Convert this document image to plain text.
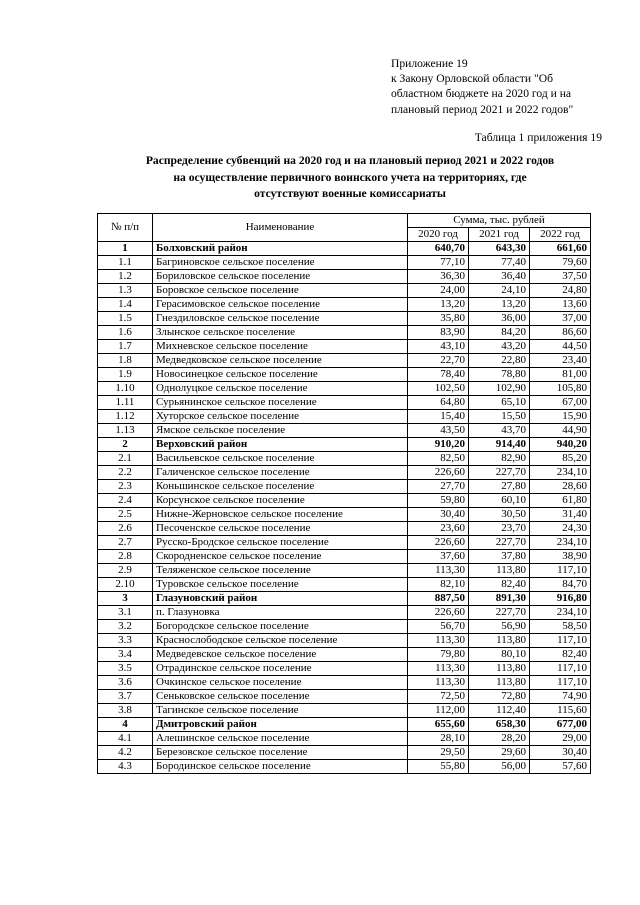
Приложение 19
к Закону Орловской области "Об
областном бюджете на 2020 год и на
плановый период 2021 и 2022 годов"
Таблица 1 приложения 19
Распределение субвенций на 2020 год и на плановый период 2021 и 2022 годов
на осуществление первичного воинского учета на территориях, где
отсутствуют военные комиссариаты
№ п/п	Наименование	Сумма, тыс. рублей		
		2020 год	2021 год	2022 год
1	Болховский район	640,70	643,30	661,60
1.1	Багриновское сельское поселение	77,10	77,40	79,60
1.2	Бориловское сельское поселение	36,30	36,40	37,50
1.3	Боровское сельское поселение	24,00	24,10	24,80
1.4	Герасимовское сельское поселение	13,20	13,20	13,60
1.5	Гнездиловское сельское поселение	35,80	36,00	37,00
1.6	Злынское сельское поселение	83,90	84,20	86,60
1.7	Михневское сельское поселение	43,10	43,20	44,50
1.8	Медведковское сельское поселение	22,70	22,80	23,40
1.9	Новосинецкое сельское поселение	78,40	78,80	81,00
1.10	Однолуцкое сельское поселение	102,50	102,90	105,80
1.11	Сурьянинское сельское поселение	64,80	65,10	67,00
1.12	Хуторское сельское поселение	15,40	15,50	15,90
1.13	Ямское сельское поселение	43,50	43,70	44,90
2	Верховский район	910,20	914,40	940,20
2.1	Васильевское сельское поселение	82,50	82,90	85,20
2.2	Галиченское сельское поселение	226,60	227,70	234,10
2.3	Коньшинское сельское поселение	27,70	27,80	28,60
2.4	Корсунское сельское поселение	59,80	60,10	61,80
2.5	Нижне-Жерновское сельское поселение	30,40	30,50	31,40
2.6	Песоченское сельское поселение	23,60	23,70	24,30
2.7	Русско-Бродское сельское поселение	226,60	227,70	234,10
2.8	Скородненское сельское поселение	37,60	37,80	38,90
2.9	Теляженское сельское поселение	113,30	113,80	117,10
2.10	Туровское сельское поселение	82,10	82,40	84,70
3	Глазуновский район	887,50	891,30	916,80
3.1	п. Глазуновка	226,60	227,70	234,10
3.2	Богородское сельское поселение	56,70	56,90	58,50
3.3	Краснослободское сельское поселение	113,30	113,80	117,10
3.4	Медведевское сельское поселение	79,80	80,10	82,40
3.5	Отрадинское сельское поселение	113,30	113,80	117,10
3.6	Очкинское сельское поселение	113,30	113,80	117,10
3.7	Сеньковское сельское поселение	72,50	72,80	74,90
3.8	Тагинское сельское поселение	112,00	112,40	115,60
4	Дмитровский район	655,60	658,30	677,00
4.1	Алешинское сельское поселение	28,10	28,20	29,00
4.2	Березовское сельское поселение	29,50	29,60	30,40
4.3	Бородинское сельское поселение	55,80	56,00	57,60
